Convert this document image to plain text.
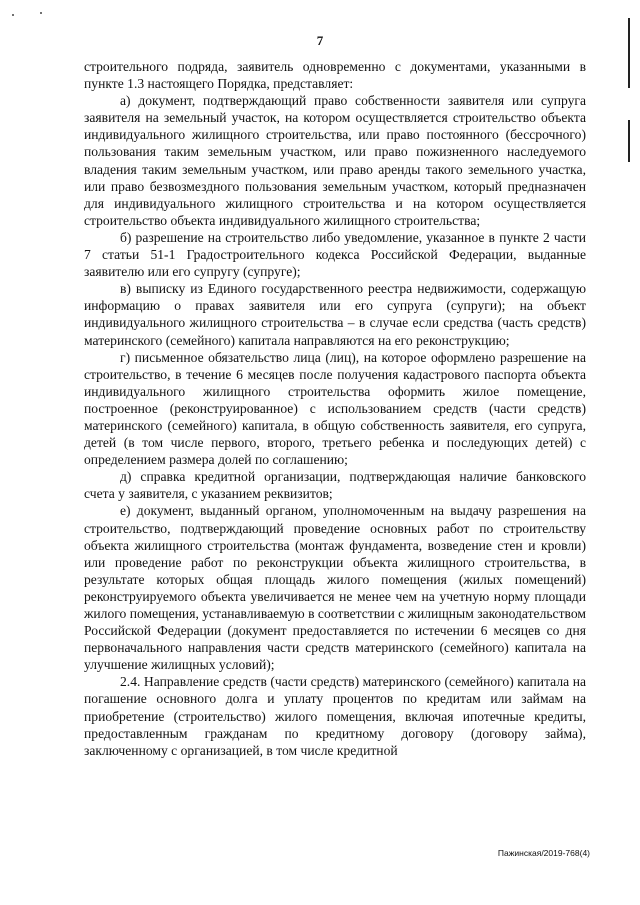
7

строительного подряда, заявитель одновременно с документами, указанными в пункте 1.3 настоящего Порядка, представляет:

а) документ, подтверждающий право собственности заявителя или супруга заявителя на земельный участок, на котором осуществляется строительство объекта индивидуального жилищного строительства, или право постоянного (бессрочного) пользования таким земельным участком, или право пожизненного наследуемого владения таким земельным участком, или право аренды такого земельного участка, или право безвозмездного пользования земельным участком, который предназначен для индивидуального жилищного строительства и на котором осуществляется строительство объекта индивидуального жилищного строительства;

б) разрешение на строительство либо уведомление, указанное в пункте 2 части 7 статьи 51-1 Градостроительного кодекса Российской Федерации, выданные заявителю или его супругу (супруге);

в) выписку из Единого государственного реестра недвижимости, содержащую информацию о правах заявителя или его супруга (супруги); на объект индивидуального жилищного строительства – в случае если средства (часть средств) материнского (семейного) капитала направляются на его реконструкцию;

г) письменное обязательство лица (лиц), на которое оформлено разрешение на строительство, в течение 6 месяцев после получения кадастрового паспорта объекта индивидуального жилищного строительства оформить жилое помещение, построенное (реконструированное) с использованием средств (части средств) материнского (семейного) капитала, в общую собственность заявителя, его супруга, детей (в том числе первого, второго, третьего ребенка и последующих детей) с определением размера долей по соглашению;

д) справка кредитной организации, подтверждающая наличие банковского счета у заявителя, с указанием реквизитов;

е) документ, выданный органом, уполномоченным на выдачу разрешения на строительство, подтверждающий проведение основных работ по строительству объекта жилищного строительства (монтаж фундамента, возведение стен и кровли) или проведение работ по реконструкции объекта жилищного строительства, в результате которых общая площадь жилого помещения (жилых помещений) реконструируемого объекта увеличивается не менее чем на учетную норму площади жилого помещения, устанавливаемую в соответствии с жилищным законодательством Российской Федерации (документ предоставляется по истечении 6 месяцев со дня первоначального направления части средств материнского (семейного) капитала на улучшение жилищных условий);

2.4. Направление средств (части средств) материнского (семейного) капитала на погашение основного долга и уплату процентов по кредитам или займам на приобретение (строительство) жилого помещения, включая ипотечные кредиты, предоставленным гражданам по кредитному договору (договору займа), заключенному с организацией, в том числе кредитной

Пажинская/2019-768(4)
